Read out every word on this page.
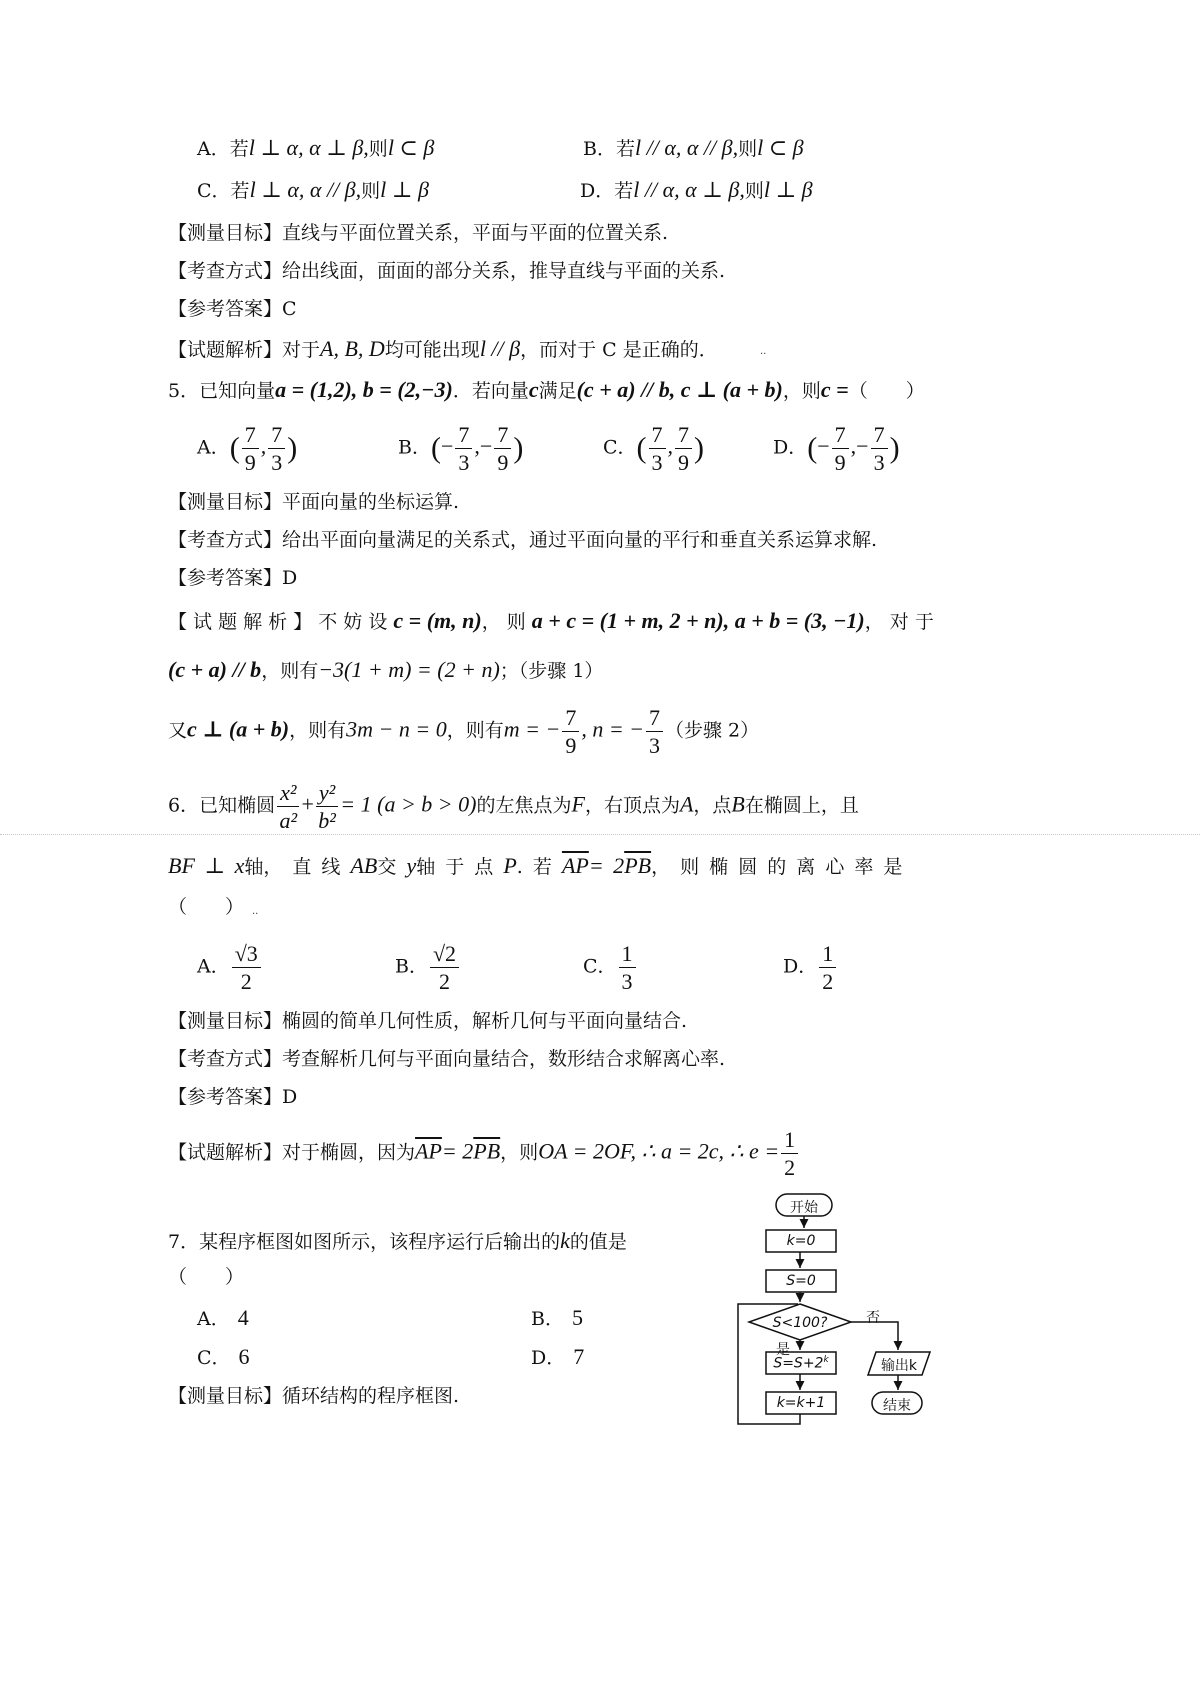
A．若l ⊥ α, α ⊥ β,则l ⊂ β	B．若l // α, α // β,则l ⊂ β
C．若l ⊥ α, α // β,则l ⊥ β	D．若l // α, α ⊥ β,则l ⊥ β
【测量目标】直线与平面位置关系，平面与平面的位置关系.
【考查方式】给出线面，面面的部分关系，推导直线与平面的关系.
【参考答案】C
【试题解析】对于A, B, D均可能出现l // β，而对于 C 是正确的．	..
5．已知向量a = (1,2), b = (2,−3)．若向量c满足(c + a) // b, c ⊥ (a + b)，则c =（　　）
A．( $\frac{7}{9}$ , $\frac{7}{3}$ )	B．(− $\frac{7}{3}$ ,− $\frac{7}{9}$ )	C．( $\frac{7}{3}$ , $\frac{7}{9}$ )	D．(− $\frac{7}{9}$ ,− $\frac{7}{3}$ )
【测量目标】平面向量的坐标运算.
【考查方式】给出平面向量满足的关系式，通过平面向量的平行和垂直关系运算求解.
【参考答案】D
【 试 题 解 析 】 不 妨 设 c = (m, n)， 则 a + c = (1 + m, 2 + n), a + b = (3, −1)， 对 于
(c + a) // b，则有−3(1 + m) = (2 + n)；（步骤 1）
又c ⊥ (a + b)，则有3m − n = 0，则有m = − $\frac{7}{9}$ , n = − $\frac{7}{3}$ （步骤 2）
6．已知椭圆 $\frac{\text{x²}}{\text{a²}} + \frac{\text{y²}}{\text{b²}} = 1$ (a > b > 0)的左焦点为F，右顶点为A，点B在椭圆上，且
BF ⊥ x轴， 直 线 AB交 y轴 于 点 P. 若 $\overline{AP}= 2\overline{PB}$， 则 椭 圆 的 离 心 率 是
（　　） ..
A． $\frac{√3}{2}$	B． $\frac{√2}{2}$	C． $\frac{1}{3}$	D． $\frac{1}{2}$
【测量目标】椭圆的简单几何性质，解析几何与平面向量结合.
【考查方式】考查解析几何与平面向量结合，数形结合求解离心率.
【参考答案】D
【试题解析】对于椭圆，因为$\overline{AP}= 2\overline{PB}$，则OA = 2OF, ∴ a = 2c, ∴ $e = \frac{1}{2}$
7．某程序框图如图所示，该程序运行后输出的k的值是
（　　）
A． 4	B． 5
C． 6	D． 7
【测量目标】循环结构的程序框图.
开始
k=0
S=0
S<100?	否
是
$S=S+2^k$
k=k+1
输出k
结束
